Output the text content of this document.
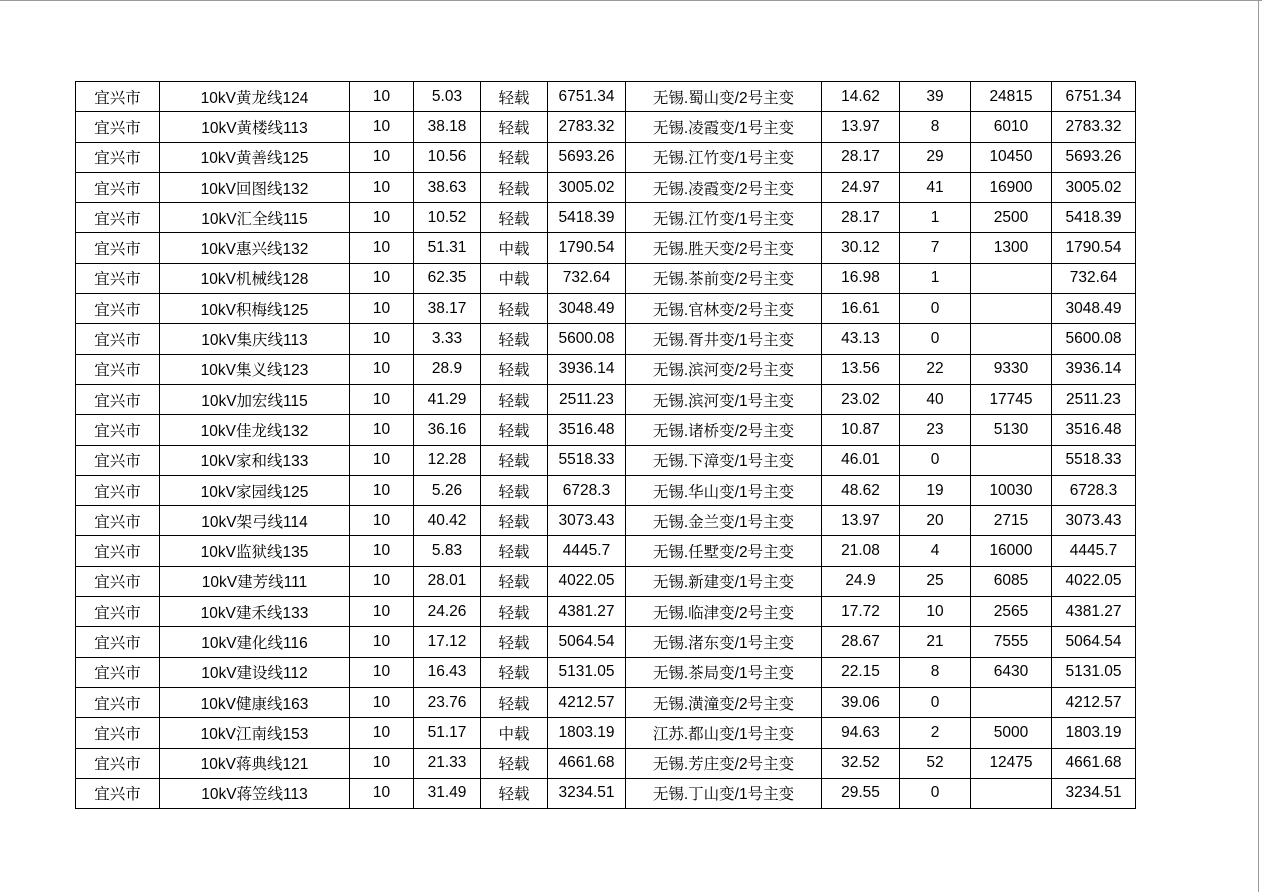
宜兴市	10kV黄龙线124	10	5.03	轻载	6751.34	无锡.蜀山变/2号主变	14.62	39	24815	6751.34
宜兴市	10kV黄楼线113	10	38.18	轻载	2783.32	无锡.凌霞变/1号主变	13.97	8	6010	2783.32
宜兴市	10kV黄善线125	10	10.56	轻载	5693.26	无锡.江竹变/1号主变	28.17	29	10450	5693.26
宜兴市	10kV回图线132	10	38.63	轻载	3005.02	无锡.凌霞变/2号主变	24.97	41	16900	3005.02
宜兴市	10kV汇全线115	10	10.52	轻载	5418.39	无锡.江竹变/1号主变	28.17	1	2500	5418.39
宜兴市	10kV惠兴线132	10	51.31	中载	1790.54	无锡.胜天变/2号主变	30.12	7	1300	1790.54
宜兴市	10kV机械线128	10	62.35	中载	732.64	无锡.茶前变/2号主变	16.98	1		732.64
宜兴市	10kV积梅线125	10	38.17	轻载	3048.49	无锡.官林变/2号主变	16.61	0		3048.49
宜兴市	10kV集庆线113	10	3.33	轻载	5600.08	无锡.胥井变/1号主变	43.13	0		5600.08
宜兴市	10kV集义线123	10	28.9	轻载	3936.14	无锡.滨河变/2号主变	13.56	22	9330	3936.14
宜兴市	10kV加宏线115	10	41.29	轻载	2511.23	无锡.滨河变/1号主变	23.02	40	17745	2511.23
宜兴市	10kV佳龙线132	10	36.16	轻载	3516.48	无锡.诸桥变/2号主变	10.87	23	5130	3516.48
宜兴市	10kV家和线133	10	12.28	轻载	5518.33	无锡.下漳变/1号主变	46.01	0		5518.33
宜兴市	10kV家园线125	10	5.26	轻载	6728.3	无锡.华山变/1号主变	48.62	19	10030	6728.3
宜兴市	10kV架弓线114	10	40.42	轻载	3073.43	无锡.金兰变/1号主变	13.97	20	2715	3073.43
宜兴市	10kV监狱线135	10	5.83	轻载	4445.7	无锡.任墅变/2号主变	21.08	4	16000	4445.7
宜兴市	10kV建芳线111	10	28.01	轻载	4022.05	无锡.新建变/1号主变	24.9	25	6085	4022.05
宜兴市	10kV建禾线133	10	24.26	轻载	4381.27	无锡.临津变/2号主变	17.72	10	2565	4381.27
宜兴市	10kV建化线116	10	17.12	轻载	5064.54	无锡.渚东变/1号主变	28.67	21	7555	5064.54
宜兴市	10kV建设线112	10	16.43	轻载	5131.05	无锡.茶局变/1号主变	22.15	8	6430	5131.05
宜兴市	10kV健康线163	10	23.76	轻载	4212.57	无锡.潢潼变/2号主变	39.06	0		4212.57
宜兴市	10kV江南线153	10	51.17	中载	1803.19	江苏.都山变/1号主变	94.63	2	5000	1803.19
宜兴市	10kV蒋典线121	10	21.33	轻载	4661.68	无锡.芳庄变/2号主变	32.52	52	12475	4661.68
宜兴市	10kV蒋笠线113	10	31.49	轻载	3234.51	无锡.丁山变/1号主变	29.55	0		3234.51
